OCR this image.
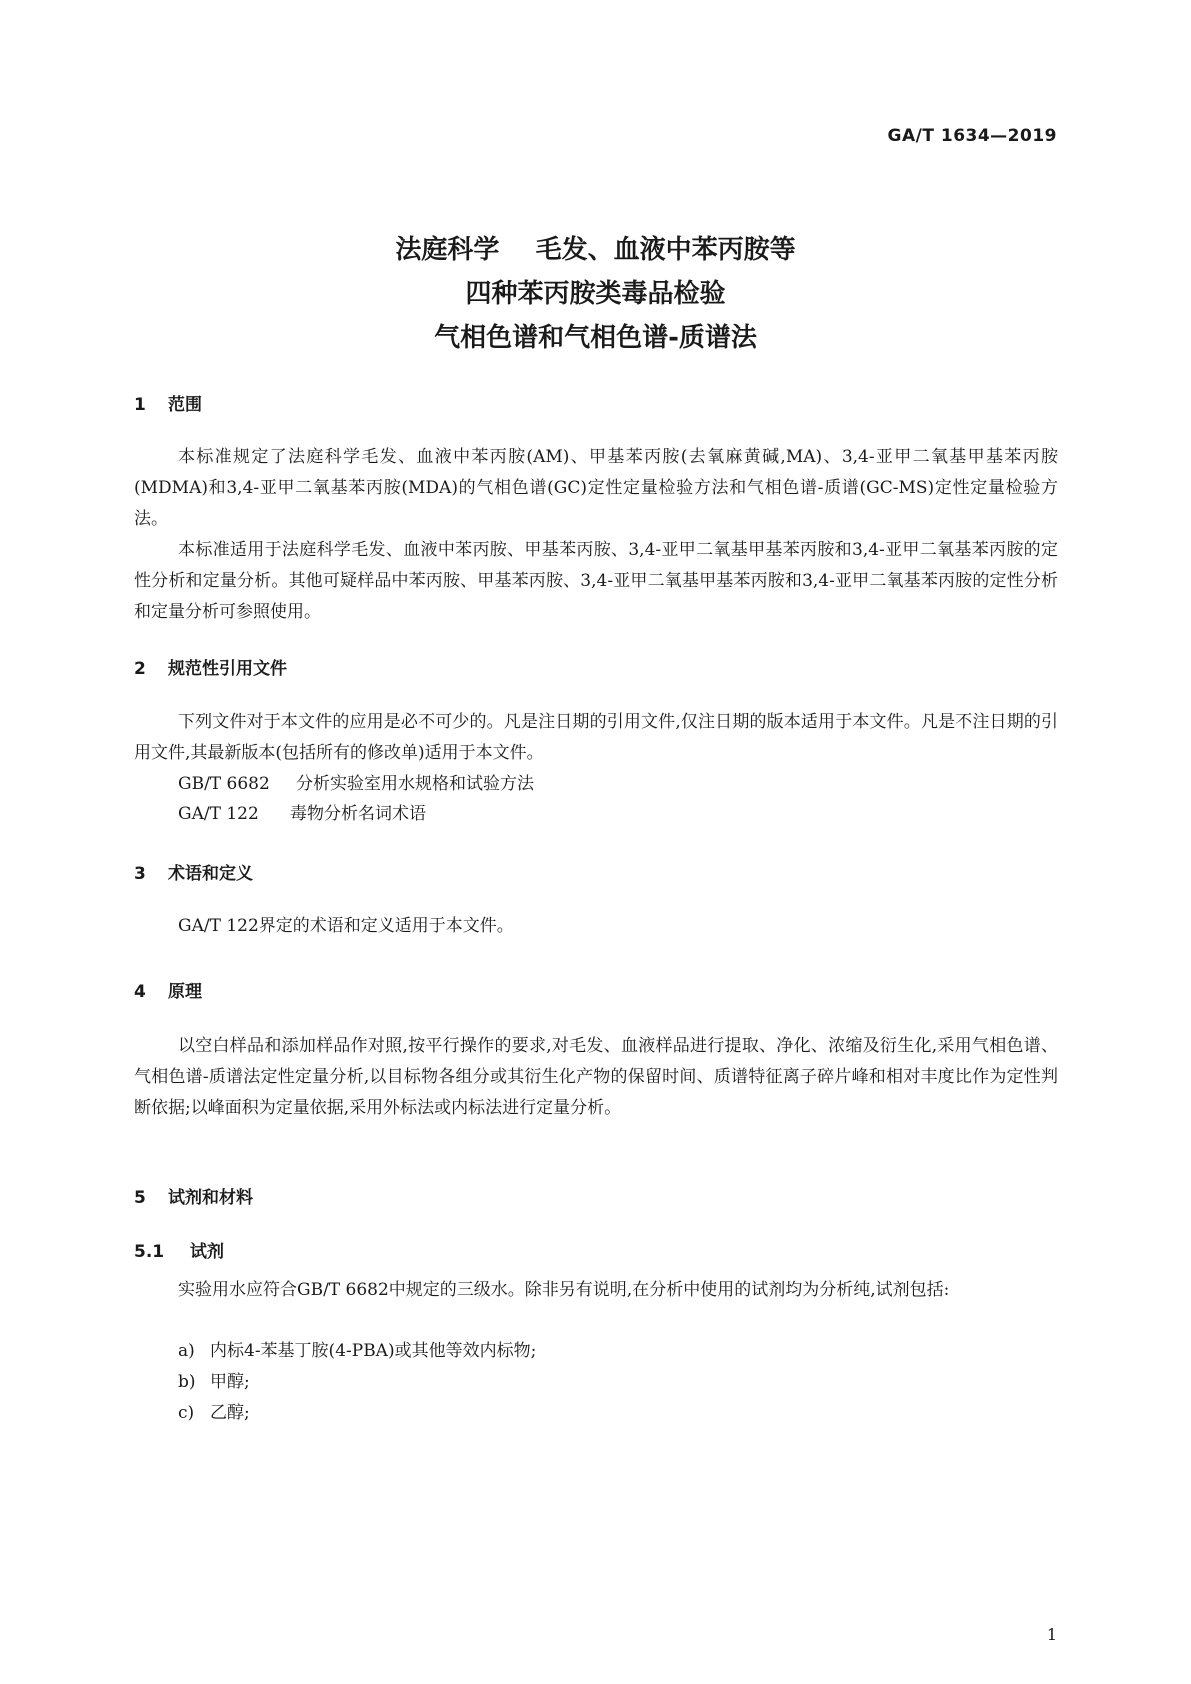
GA/T 1634—2019
法庭科学    毛发、血液中苯丙胺等
四种苯丙胺类毒品检验
气相色谱和气相色谱-质谱法
1 范围
本标准规定了法庭科学毛发、血液中苯丙胺(AM)、甲基苯丙胺(去氧麻黄碱,MA)、3,4-亚甲二氧基甲基苯丙胺(MDMA)和3,4-亚甲二氧基苯丙胺(MDA)的气相色谱(GC)定性定量检验方法和气相色谱-质谱(GC-MS)定性定量检验方法。
本标准适用于法庭科学毛发、血液中苯丙胺、甲基苯丙胺、3,4-亚甲二氧基甲基苯丙胺和3,4-亚甲二氧基苯丙胺的定性分析和定量分析。其他可疑样品中苯丙胺、甲基苯丙胺、3,4-亚甲二氧基甲基苯丙胺和3,4-亚甲二氧基苯丙胺的定性分析和定量分析可参照使用。
2 规范性引用文件
下列文件对于本文件的应用是必不可少的。凡是注日期的引用文件,仅注日期的版本适用于本文件。凡是不注日期的引用文件,其最新版本(包括所有的修改单)适用于本文件。
GB/T 6682 分析实验室用水规格和试验方法
GA/T 122 毒物分析名词术语
3 术语和定义
GA/T 122界定的术语和定义适用于本文件。
4 原理
以空白样品和添加样品作对照,按平行操作的要求,对毛发、血液样品进行提取、净化、浓缩及衍生化,采用气相色谱、气相色谱-质谱法定性定量分析,以目标物各组分或其衍生化产物的保留时间、质谱特征离子碎片峰和相对丰度比作为定性判断依据;以峰面积为定量依据,采用外标法或内标法进行定量分析。
5 试剂和材料
5.1 试剂
实验用水应符合GB/T 6682中规定的三级水。除非另有说明,在分析中使用的试剂均为分析纯,试剂包括:
a) 内标4-苯基丁胺(4-PBA)或其他等效内标物;
b) 甲醇;
c) 乙醇;
1
